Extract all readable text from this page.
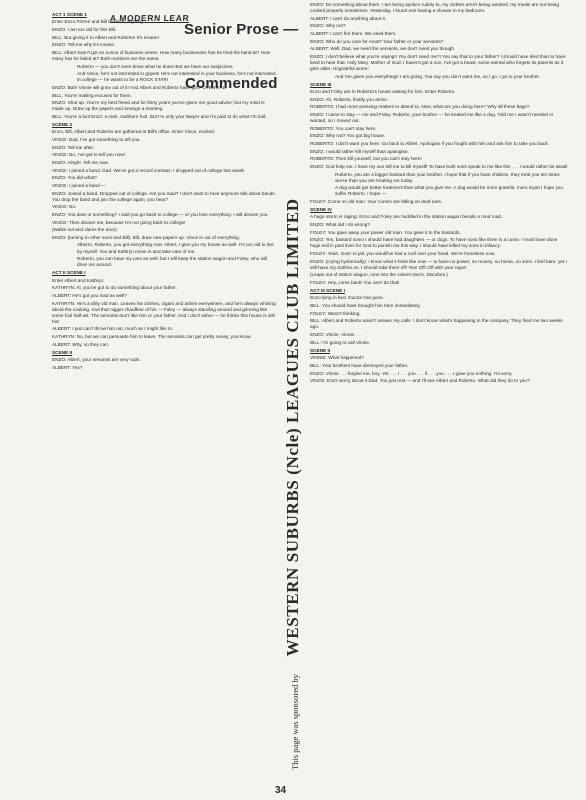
A MODERN LEAR
Senior Prose —
Commended
ACT 1 SCENE 1
Enter Enzo Ferreri and Bill Hudson, arguing.
ENZO: I am too old for this Bill.
BILL: But giving it to Albert and Roberto! It's insane!
ENZO: Tell me why it's insane.
BILL: Albert hasn't got an ounce of business sense. How many businesses has he tried his hand at? How many has he failed at? Both numbers are the same.
Roberto — you don't even know what he does! But we have our suspicions.
And Vince, he's not interested in gripes! He's not interested in your business, he's not interested in college — he wants to be a ROCK STAR!
ENZO: Bah! Vinnie will grow out of it! And Albert and Roberto have got POTENTIAL.
BILL: You're making excuses for them.
ENZO: Shut up. You're my best friend and for thirty years you've given me good advice; but my mind is made up. Draw up the papers and arrange a meeting.
BILL: You're a fool Enzo: a rash, stubborn fool. But I'm only your lawyer and I'm paid to do what I'm told.
SCENE 2
Enzo, Bill, Albert and Roberto are gathered at Bill's office. Enter Vince, excited.
VINCE: Dad, I've got something to tell you.
ENZO: Tell me after.
VINCE: No, I've got to tell you now!
ENZO: Alright. Tell me now.
VINCE: I joined a band, Dad. We've got a record contract. I dropped out of college last week!
ENZO: You did what?
VINCE: I joined a band —
ENZO: Joined a band. Dropped out of college. Are you mad? I don't want to hear anymore talk about bands. You drop the band and join the college again, you hear?
VINCE: No.
ENZO: You dear or something? I said you go back to college — or you lose everything. I will disown you.
VINCE: Then disown me, because I'm not going back to college!
(Walks out and slams the door)
ENZO: (turning to other sons and Bill): Bill, draw new papers up. Vince is out of everything.
Alberto, Roberto, you get everything now. Albert, I give you my house as well. I'm too old to live by myself. You and Kathryn move in and take care of me.
Roberto, you can have my cars as well, but I will keep the station wagon and Foley, who will drive me around.
ACT II SCENE I
Enter Albert and Kathryn.
KATHRYN: Al, you've got to do something about your father.
ALBERT: He's got you mad as well?
KATHRYN: He's a dirty old man. Leaves his clothes, cigars and ashes everywhere, and he's always whining about the cooking. And that nigger chauffeur of his — Foley — always standing around and grinning like some fool half-wit. The servants don't like him or your father. And I don't either — he thinks this house is still his!
ALBERT: I just can't throw him out, much as I might like to.
KATHRYN: No, but we can persuade him to leave. The servants can get pretty nosey, you know.
ALBERT: Why, so they can.
SCENE II
ENZO: Albert, your servants are very rude.
ALBERT: Yes?
ENZO: Do something about them. I am being spoken rudely to, my clothes aren't being washed, my meals are not being cooked properly sometimes. Yesterday, I found one having a shower in my bedroom.
ALBERT: I can't do anything about it.
ENZO: Why not?
ALBERT: I can't fire them. We need them.
ENZO: Who do you care for most? Your father or your servants?
ALBERT: Well, Dad, we need the servants, we don't need you though.
ENZO: I don't believe what you're saying!! You don't need me?! You say that to your father? I should have died than to have lived to hear that. Holy Mary, Mother of God. I haven't got a son, I've got a beast, some animal who forgets its parents as it gets older. Ungrateful worm!
And I've given you everything!! I am going. You say you don't want me, so I go. I go to your brother.
SCENE III
Enzo and Foley are in Roberto's house waiting for him. Enter Roberto.
ENZO: Ah, Roberto, finally you arrive.
ROBERTO: I had more pressing matters to attend to. Now, what are you doing here? Why all these bags?
ENZO: I came to stay — me and Foley. Roberto, your brother — he treated me like a dog. Told me I wasn't needed or wanted, so I moved out.
ROBERTO: You can't stay here.
ENZO: Why not? You got big house.
ROBERTO: I don't want you here. Go back to Albert. Apologise if you fought with him and ask him to take you back.
ENZO: I would rather kill myself than apologise.
ROBERTO: Then kill yourself, but you can't stay here!
ENZO: God help me. I have my son tell me to kill myself! To have both sons speak to me like this . . . I would rather be dead!
Roberto, you are a bigger bastard than your brother. I hope that if you have children, they treat you ten times worse than you are treating me today.
A dog would get better treatment than what you give me. A dog would be more grateful, more loyal! I hope you suffer Roberto. I hope —
FOLEY: Come on old man. Your curses are falling on deaf ears.
SCENE IV
A huge storm is raging. Enzo and Foley are huddled in the station wagon beside a mud road.
ENZO: What did I do wrong?
FOLEY: You gave away your power old man. You gave it to the bastards.
ENZO: Yes, bastard sons! I should have had daughters — or dogs. To have sons like them is a curse. I must have done huge evil in past lives for God to punish me this way. I should have killed my sons in infancy.
FOLEY: Yeah. Goin' to jail, you would've had a roof over your head. We're homeless now.
ENZO: (crying hysterically): I know what it feels like now — to have no power, no money, no home, no sons. I feel bare, yet I still have my clothes on. I should take them off! Yes! Off! Off with your rags!!
(Leaps out of station wagon, runs into the violent storm. Disrobes.)
FOLEY: Hey, come back! You can't do that!
ACT III SCENE I
Enzo lying in bed. Doctor has gone.
BILL: You should have brought him here immediately.
FOLEY: Wasn't thinking.
BILL: Albert and Roberto wasn't answer my calls. I don't know what's happening in the company. They fired me two weeks ago.
ENZO: Vinnie, Vinnie . . .
BILL: I'm going to call Vinnie.
SCENE II
VINNIE: What happened?
BILL: Your brothers have destroyed your father.
ENZO: Vinnie . . . forgive me, boy. Yet . . . I . . . you . . . if . . . you . . . I gave you nothing. I'm sorry.
VINCE: Don't worry about it Dad. You just rest — and I'll see Albert and Roberto. What did they do to you?
This page was sponsored by    WESTERN SUBURBS (Ncle) LEAGUES CLUB LIMITED
34
